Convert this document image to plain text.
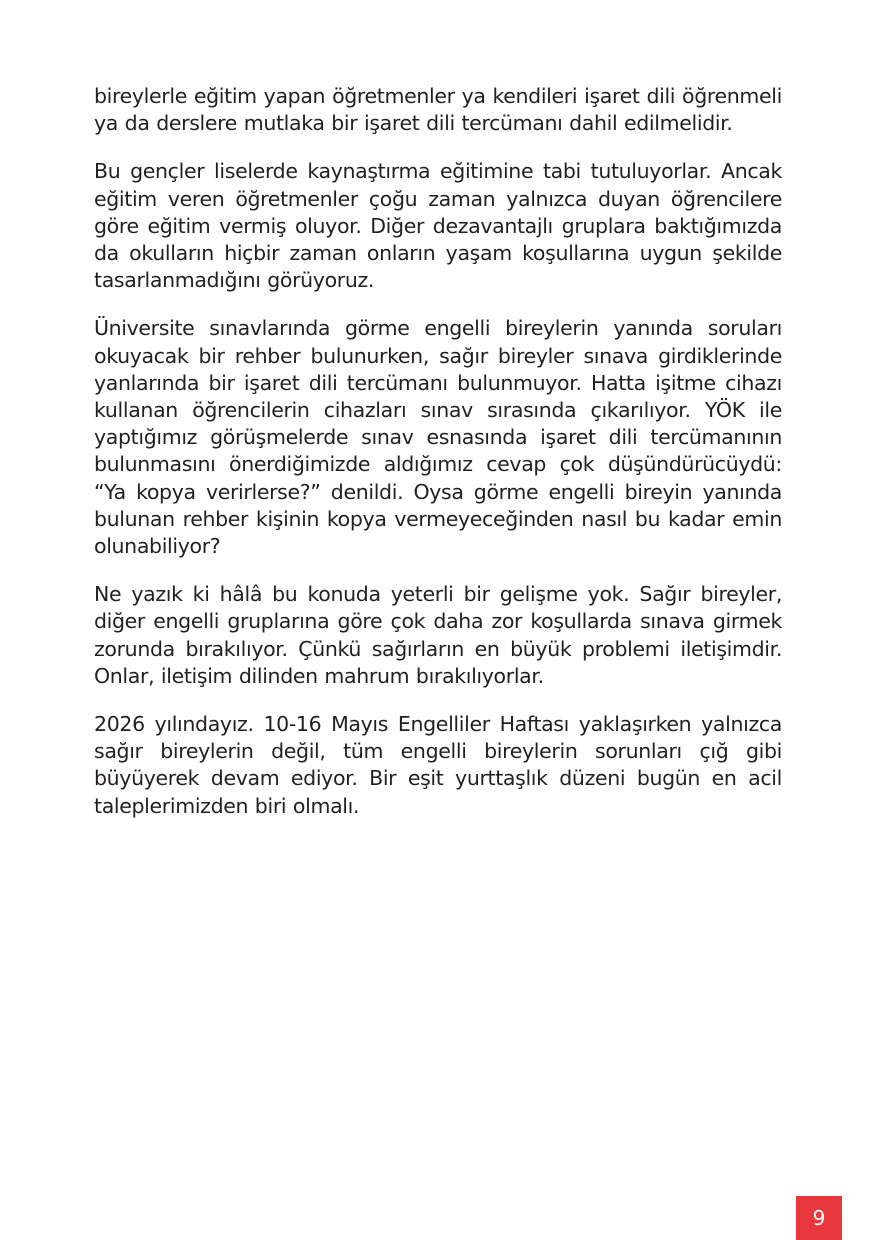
bireylerle eğitim yapan öğretmenler ya kendileri işaret dili öğrenmeli ya da derslere mutlaka bir işaret dili tercümanı dahil edilmelidir.

Bu gençler liselerde kaynaştırma eğitimine tabi tutuluyorlar. Ancak eğitim veren öğretmenler çoğu zaman yalnızca duyan öğrencilere göre eğitim vermiş oluyor. Diğer dezavantajlı gruplara baktığımızda da okulların hiçbir zaman onların yaşam koşullarına uygun şekilde tasarlanmadığını görüyoruz.

Üniversite sınavlarında görme engelli bireylerin yanında soruları okuyacak bir rehber bulunurken, sağır bireyler sınava girdiklerinde yanlarında bir işaret dili tercümanı bulunmuyor. Hatta işitme cihazı kullanan öğrencilerin cihazları sınav sırasında çıkarılıyor. YÖK ile yaptığımız görüşmelerde sınav esnasında işaret dili tercümanının bulunmasını önerdiğimizde aldığımız cevap çok düşündürücüydü: “Ya kopya verirlerse?” denildi. Oysa görme engelli bireyin yanında bulunan rehber kişinin kopya vermeyeceğinden nasıl bu kadar emin olunabiliyor?

Ne yazık ki hâlâ bu konuda yeterli bir gelişme yok. Sağır bireyler, diğer engelli gruplarına göre çok daha zor koşullarda sınava girmek zorunda bırakılıyor. Çünkü sağırların en büyük problemi iletişimdir. Onlar, iletişim dilinden mahrum bırakılıyorlar.

2026 yılındayız. 10-16 Mayıs Engelliler Haftası yaklaşırken yalnızca sağır bireylerin değil, tüm engelli bireylerin sorunları çığ gibi büyüyerek devam ediyor. Bir eşit yurttaşlık düzeni bugün en acil taleplerimizden biri olmalı.

9
